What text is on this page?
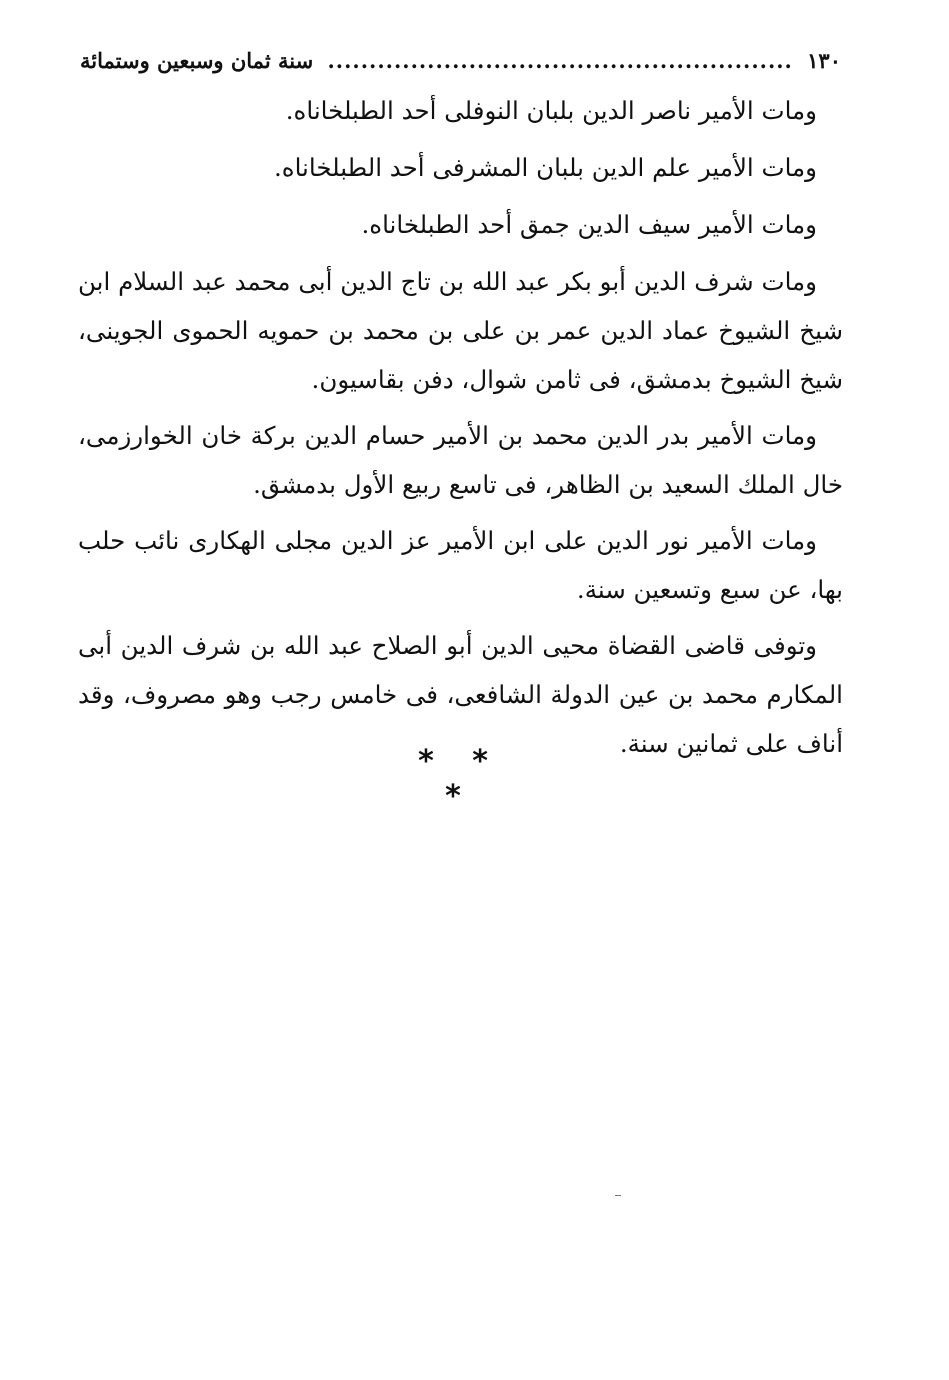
١٣٠
........................................................
سنة ثمان وسبعين وستمائة

ومات الأمير ناصر الدين بلبان النوفلى أحد الطبلخاناه.

ومات الأمير علم الدين بلبان المشرفى أحد الطبلخاناه.

ومات الأمير سيف الدين جمق أحد الطبلخاناه.

ومات شرف الدين أبو بكر عبد الله بن تاج الدين أبى محمد عبد السلام ابن شيخ الشيوخ عماد الدين عمر بن على بن محمد بن حمويه الحموى الجوينى، شيخ الشيوخ بدمشق، فى ثامن شوال، دفن بقاسيون.

ومات الأمير بدر الدين محمد بن الأمير حسام الدين بركة خان الخوارزمى، خال الملك السعيد بن الظاهر، فى تاسع ربيع الأول بدمشق.

ومات الأمير نور الدين على ابن الأمير عز الدين مجلى الهكارى نائب حلب بها، عن سبع وتسعين سنة.

وتوفى قاضى القضاة محيى الدين أبو الصلاح عبد الله بن شرف الدين أبى المكارم محمد بن عين الدولة الشافعى، فى خامس رجب وهو مصروف، وقد أناف على ثمانين سنة.

* * *
